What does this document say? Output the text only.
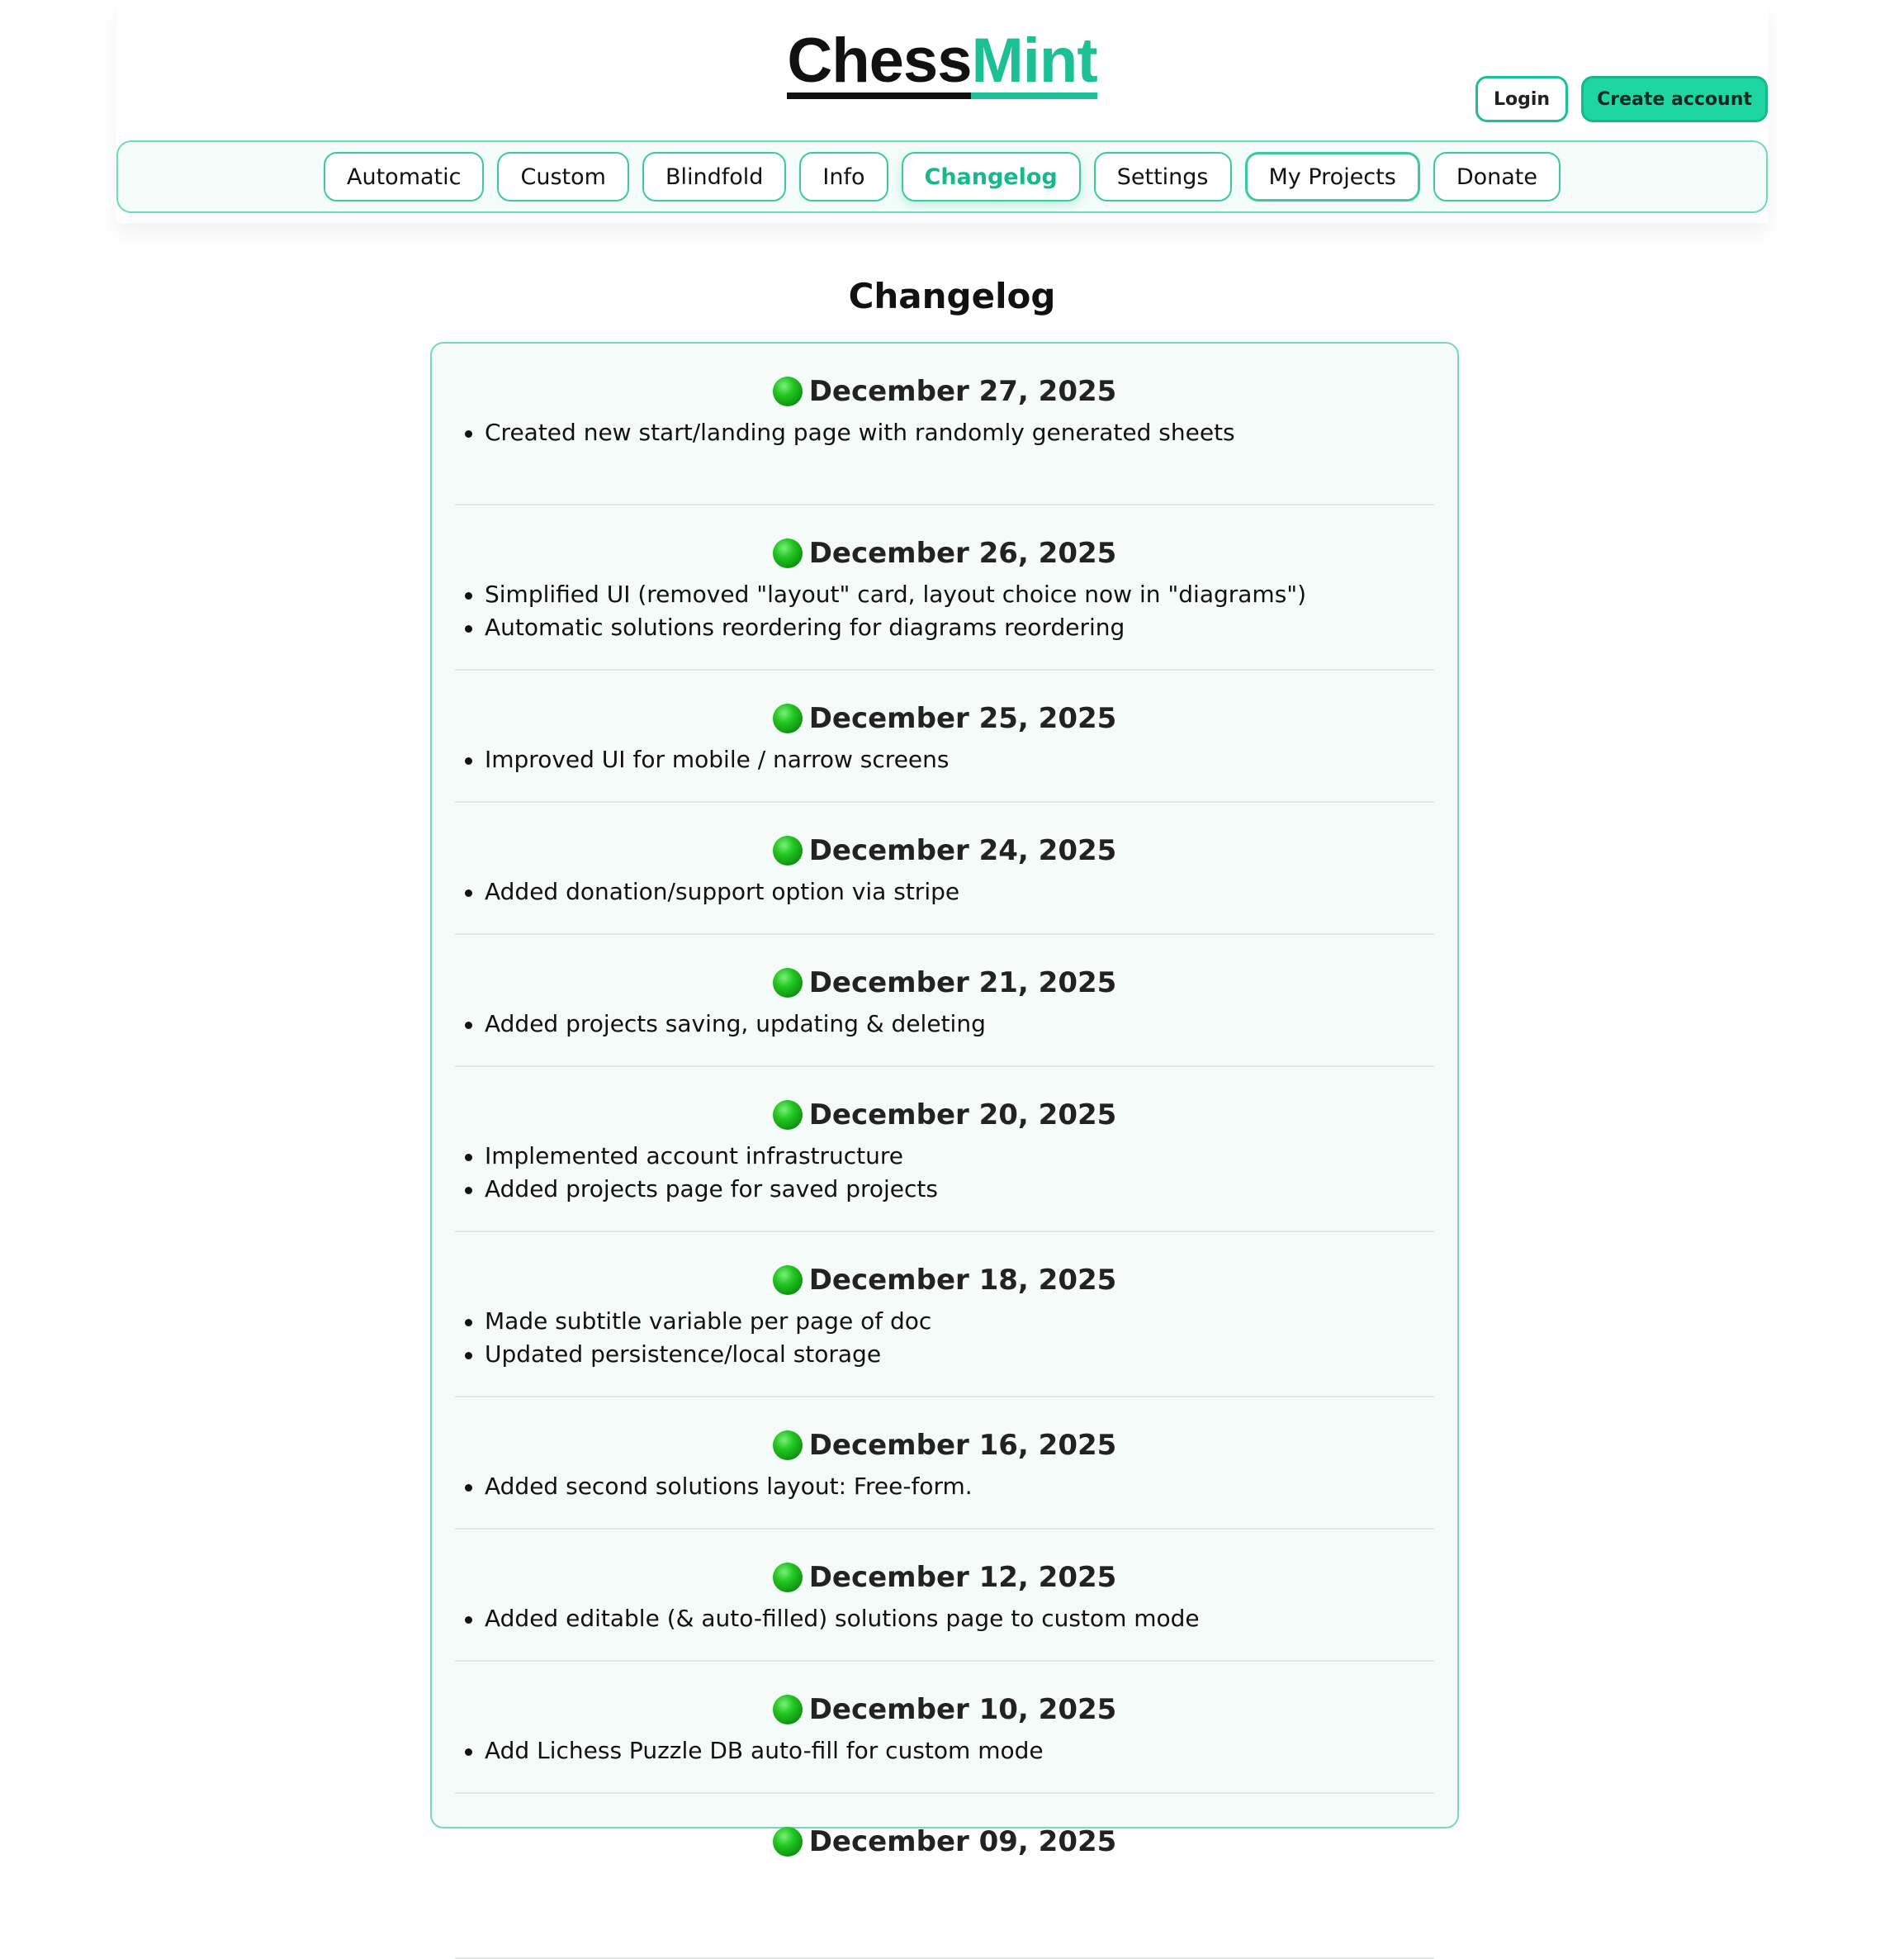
ChessMint
Login	Create account
Automatic	Custom	Blindfold	Info	Changelog	Settings	My Projects	Donate
Changelog
December 27, 2025
Created new start/landing page with randomly generated sheets
December 26, 2025
Simplified UI (removed "layout" card, layout choice now in "diagrams")
Automatic solutions reordering for diagrams reordering
December 25, 2025
Improved UI for mobile / narrow screens
December 24, 2025
Added donation/support option via stripe
December 21, 2025
Added projects saving, updating & deleting
December 20, 2025
Implemented account infrastructure
Added projects page for saved projects
December 18, 2025
Made subtitle variable per page of doc
Updated persistence/local storage
December 16, 2025
Added second solutions layout: Free-form.
December 12, 2025
Added editable (& auto-filled) solutions page to custom mode
December 10, 2025
Add Lichess Puzzle DB auto-fill for custom mode
December 09, 2025
